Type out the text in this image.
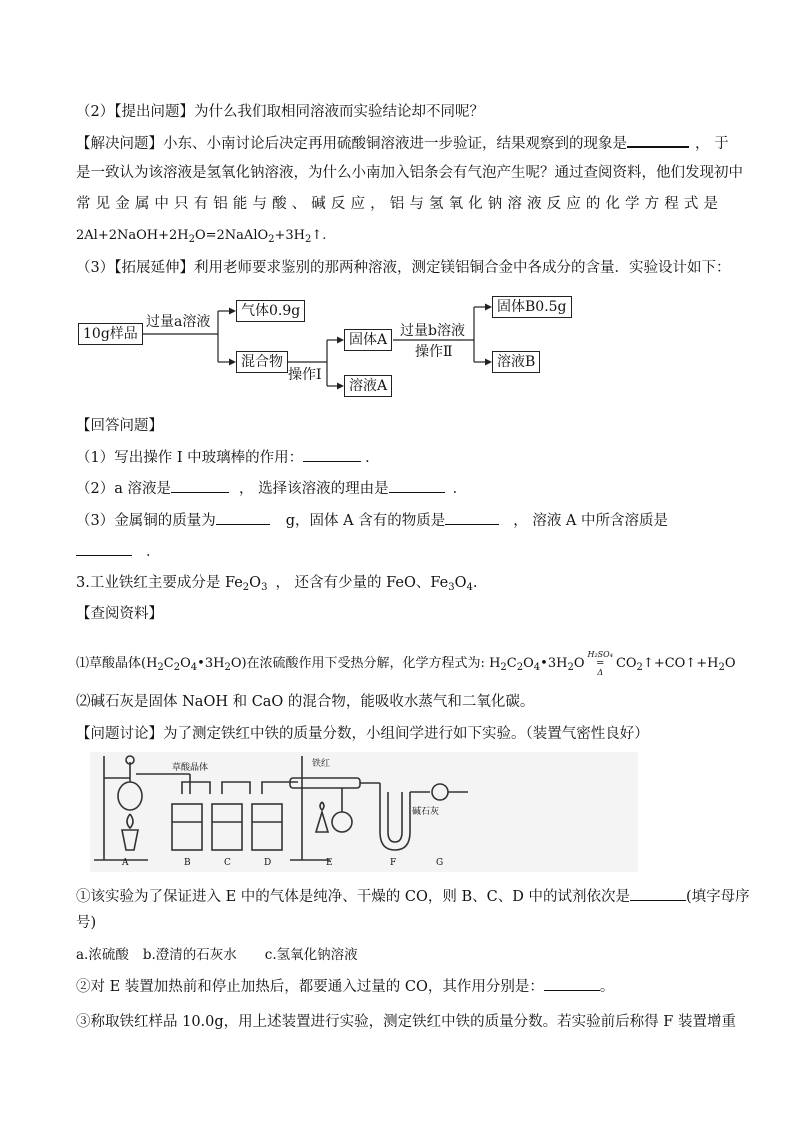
（2）【提出问题】为什么我们取相同溶液而实验结论却不同呢？
【解决问题】小东、小南讨论后决定再用硫酸铜溶液进一步验证，结果观察到的现象是	， 于
是一致认为该溶液是氢氧化钠溶液，为什么小南加入铝条会有气泡产生呢？通过查阅资料，他们发现初中
常见金属中只有铝能与酸、碱反应，铝与氢氧化钠溶液反应的化学方程式是
$2Al+2NaOH+2H_2O=2NaAlO_2+3H_2↑$.
（3）【拓展延伸】利用老师要求鉴别的那两种溶液，测定镁铝铜合金中各成分的含量．实验设计如下：
10g样品
过量a溶液
气体0.9g
混合物
操作Ⅰ
固体A
溶液A
过量b溶液
操作Ⅱ
固体B0.5g
溶液B
【回答问题】
（1）写出操作 I 中玻璃棒的作用：	．
（2）a 溶液是	， 选择该溶液的理由是	．
（3）金属铜的质量为	g，固体 A 含有的物质是	， 溶液 A 中所含溶质是
．
3.工业铁红主要成分是 $Fe_2O_3$ ， 还含有少量的 FeO、$Fe_3O_4$.
【查阅资料】
⑴草酸晶体$(H_2C_2O_4•3H_2O)$在浓硫酸作用下受热分解，化学方程式为: $H_2C_2O_4•3H_2O$
H₂SO₄
=
Δ
$CO_2↑+CO↑+H_2O$
⑵碱石灰是固体 NaOH 和 CaO 的混合物，能吸收水蒸气和二氧化碳。
【问题讨论】为了测定铁红中铁的质量分数，小组间学进行如下实验。（装置气密性良好）
草酸晶体	铁红
碱石灰
A	B	C	D	E	F	G
①该实验为了保证进入 E 中的气体是纯净、干燥的 CO，则 B、C、D 中的试剂依次是	(填字母序
号)
a.浓硫酸 b.澄清的石灰水 c.氢氧化钠溶液
②对 E 装置加热前和停止加热后，都要通入过量的 CO，其作用分别是：	。
③称取铁红样品 10.0g，用上述装置进行实验，测定铁红中铁的质量分数。若实验前后称得 F 装置增重
